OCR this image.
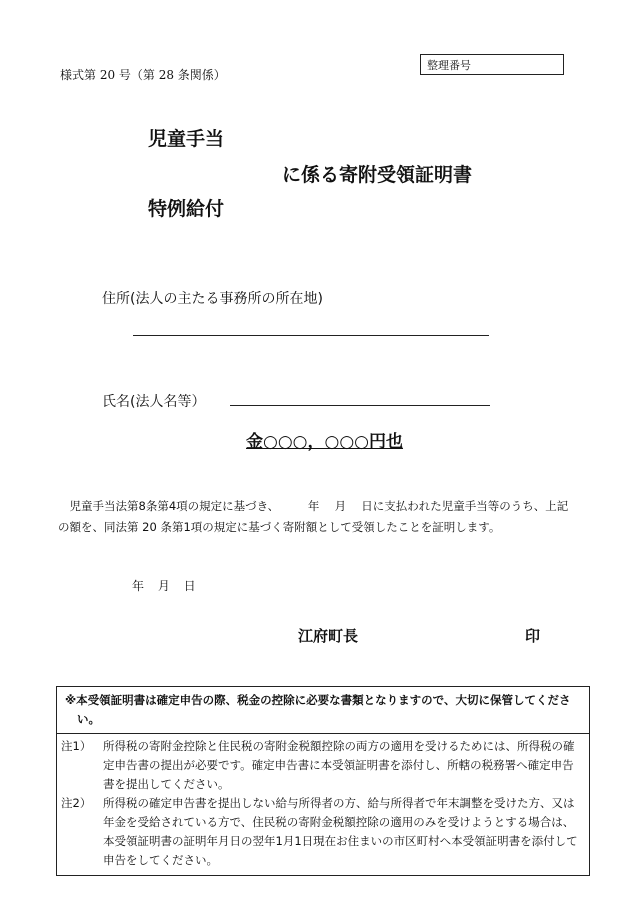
様式第 20 号（第 28 条関係）
整理番号
児童手当
に係る寄附受領証明書
特例給付
住所(法人の主たる事務所の所在地)
氏名(法人名等）
金○○○，○○○円也

児童手当法第8条第4項の規定に基づき、　　　年　 月　 日に支払われた児童手当等のうち、上記の額を、同法第 20 条第1項の規定に基づく寄附額として受領したことを証明します。

年 月 日
江府町長	印
※本受領証明書は確定申告の際、税金の控除に必要な書類となりますので、大切に保管してください。
注1）	所得税の寄附金控除と住民税の寄附金税額控除の両方の適用を受けるためには、所得税の確定申告書の提出が必要です。確定申告書に本受領証明書を添付し、所轄の税務署へ確定申告書を提出してください。
注2）	所得税の確定申告書を提出しない給与所得者の方、給与所得者で年末調整を受けた方、又は年金を受給されている方で、住民税の寄附金税額控除の適用のみを受けようとする場合は、本受領証明書の証明年月日の翌年1月1日現在お住まいの市区町村へ本受領証明書を添付して申告をしてください。
